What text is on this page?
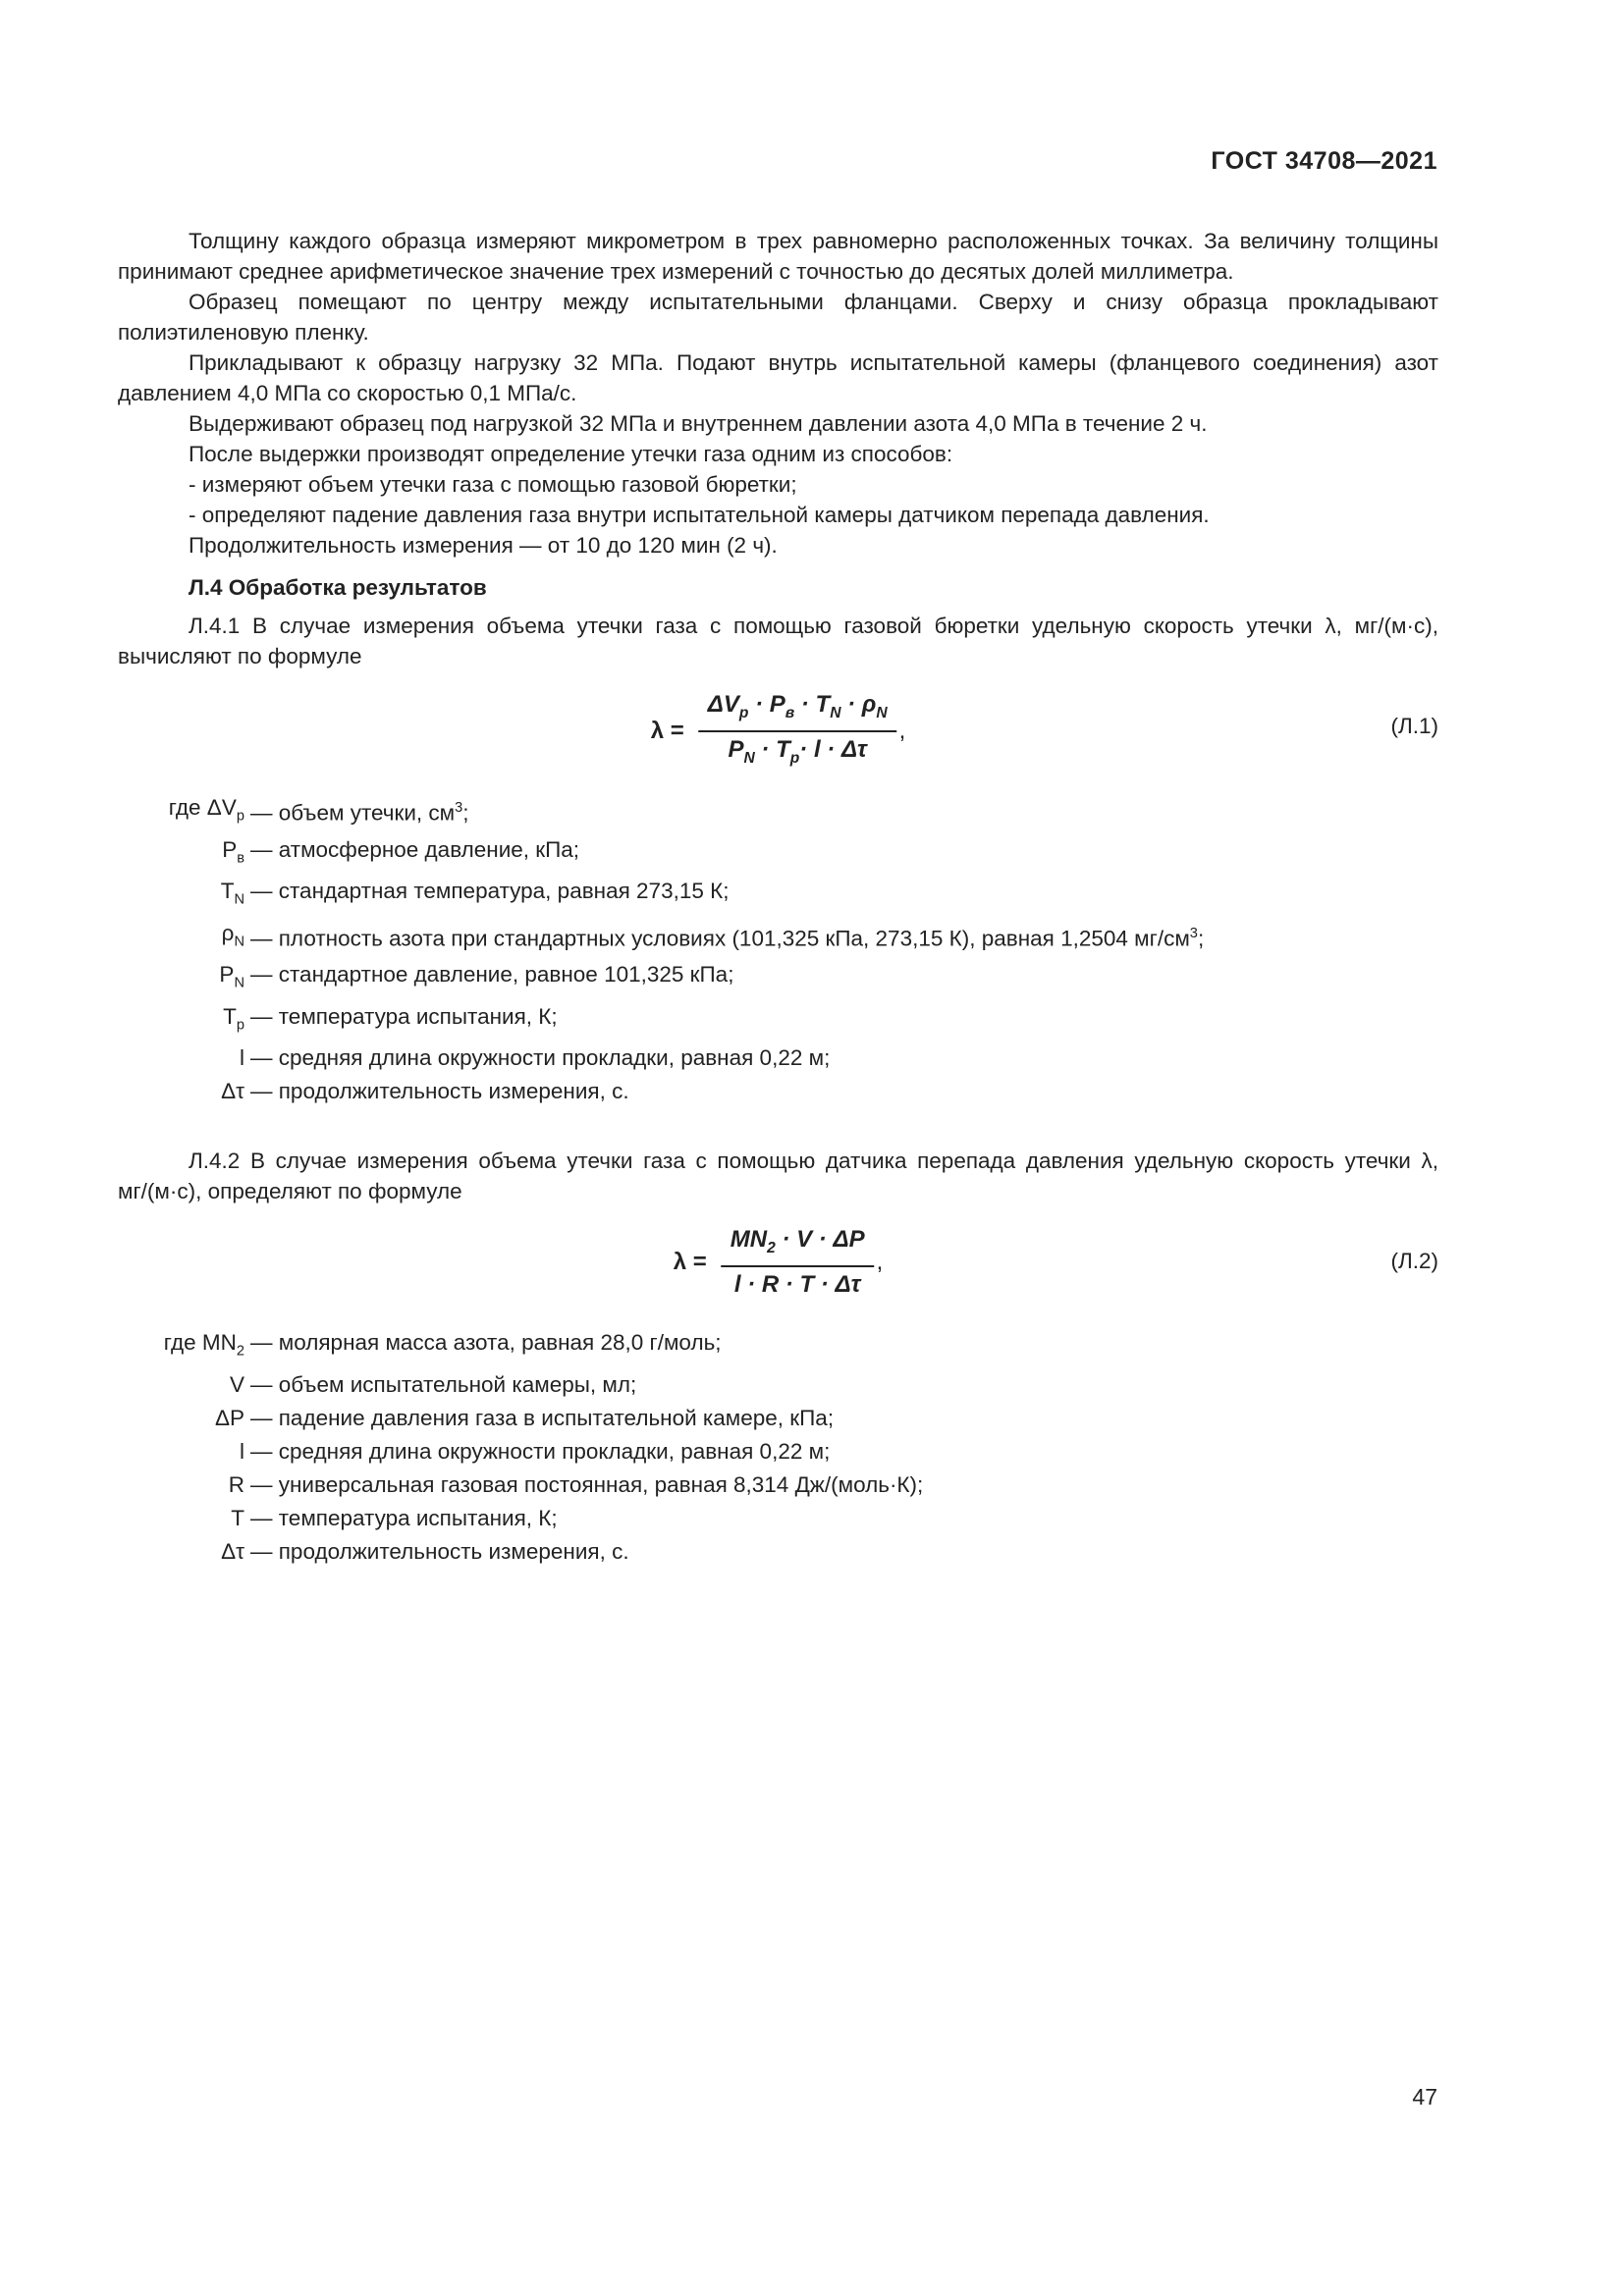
ГОСТ 34708—2021

Толщину каждого образца измеряют микрометром в трех равномерно расположенных точках. За величину толщины принимают среднее арифметическое значение трех измерений с точностью до десятых долей миллиметра.

Образец помещают по центру между испытательными фланцами. Сверху и снизу образца прокладывают полиэтиленовую пленку.

Прикладывают к образцу нагрузку 32 МПа. Подают внутрь испытательной камеры (фланцевого соединения) азот давлением 4,0 МПа со скоростью 0,1 МПа/с.

Выдерживают образец под нагрузкой 32 МПа и внутреннем давлении азота 4,0 МПа в течение 2 ч.

После выдержки производят определение утечки газа одним из способов:

- измеряют объем утечки газа с помощью газовой бюретки;

- определяют падение давления газа внутри испытательной камеры датчиком перепада давления.

Продолжительность измерения — от 10 до 120 мин (2 ч).

Л.4 Обработка результатов

Л.4.1 В случае измерения объема утечки газа с помощью газовой бюретки удельную скорость утечки λ, мг/(м·с), вычисляют по формуле

$\lambda = \frac{\Delta V_p \cdot P_в \cdot T_N \cdot \rho_N}{P_N \cdot T_p\cdot l \cdot \Delta\tau}$ ,	(Л.1)
где $\Delta V_p$ — объем утечки, $см^3$;
$P_в$ — атмосферное давление, кПа;
$T_N$ — стандартная температура, равная 273,15 К;
$\rho_N$ — плотность азота при стандартных условиях (101,325 кПа, 273,15 К), равная 1,2504 $мг/см^3$;
$P_N$ — стандартное давление, равное 101,325 кПа;
$T_p$ — температура испытания, К;
l — средняя длина окружности прокладки, равная 0,22 м;
Δτ — продолжительность измерения, с.

Л.4.2 В случае измерения объема утечки газа с помощью датчика перепада давления удельную скорость утечки λ, мг/(м·с), определяют по формуле

$\lambda = \frac{MN_2 \cdot V \cdot \Delta P}{l \cdot R \cdot T \cdot \Delta\tau}$ ,	(Л.2)
где $MN_2$ — молярная масса азота, равная 28,0 г/моль;
V — объем испытательной камеры, мл;
ΔP — падение давления газа в испытательной камере, кПа;
l — средняя длина окружности прокладки, равная 0,22 м;
R — универсальная газовая постоянная, равная 8,314 Дж/(моль·К);
T — температура испытания, К;
Δτ — продолжительность измерения, с.
47
